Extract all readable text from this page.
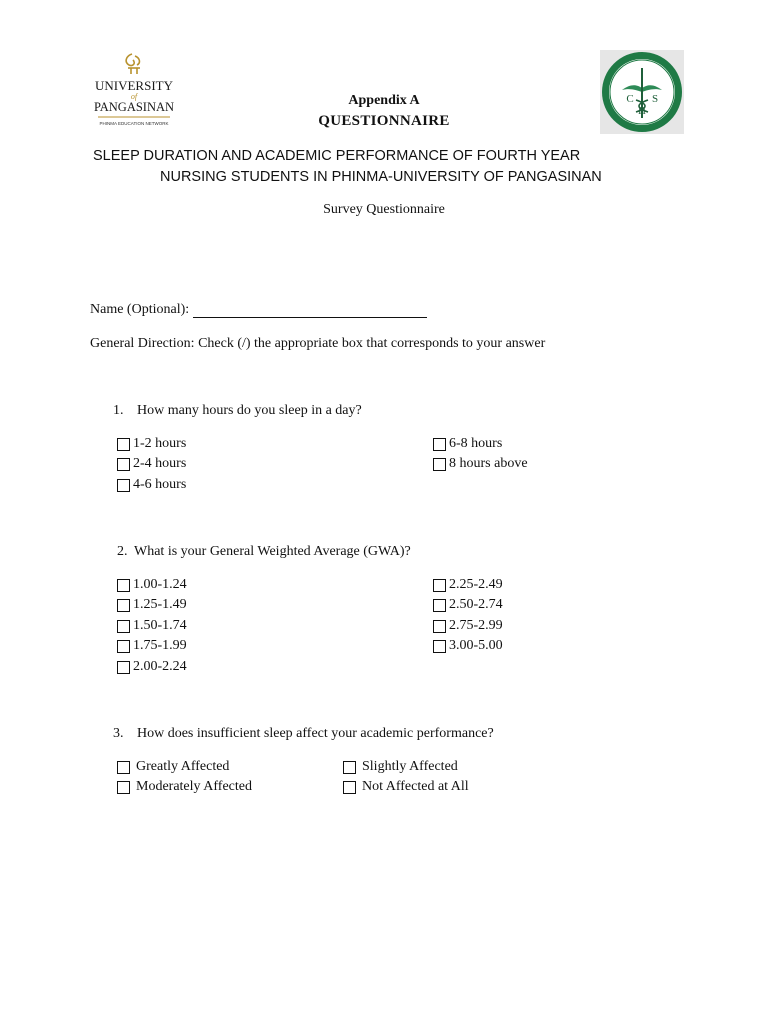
UNIVERSITY
of
PANGASINAN
PHINMA EDUCATION NETWORK
C
H
S
Appendix A
QUESTIONNAIRE
SLEEP DURATION AND ACADEMIC PERFORMANCE OF FOURTH YEAR
NURSING STUDENTS IN PHINMA-UNIVERSITY OF PANGASINAN
Survey Questionnaire
Name (Optional):
General Direction: Check (/) the appropriate box that corresponds to your answer
1. How many hours do you sleep in a day?
1-2 hours
2-4 hours
4-6 hours
6-8 hours
8 hours above
2. What is your General Weighted Average (GWA)?
1.00-1.24
1.25-1.49
1.50-1.74
1.75-1.99
2.00-2.24
2.25-2.49
2.50-2.74
2.75-2.99
3.00-5.00
3. How does insufficient sleep affect your academic performance?
Greatly Affected
Moderately Affected
Slightly Affected
Not Affected at All
